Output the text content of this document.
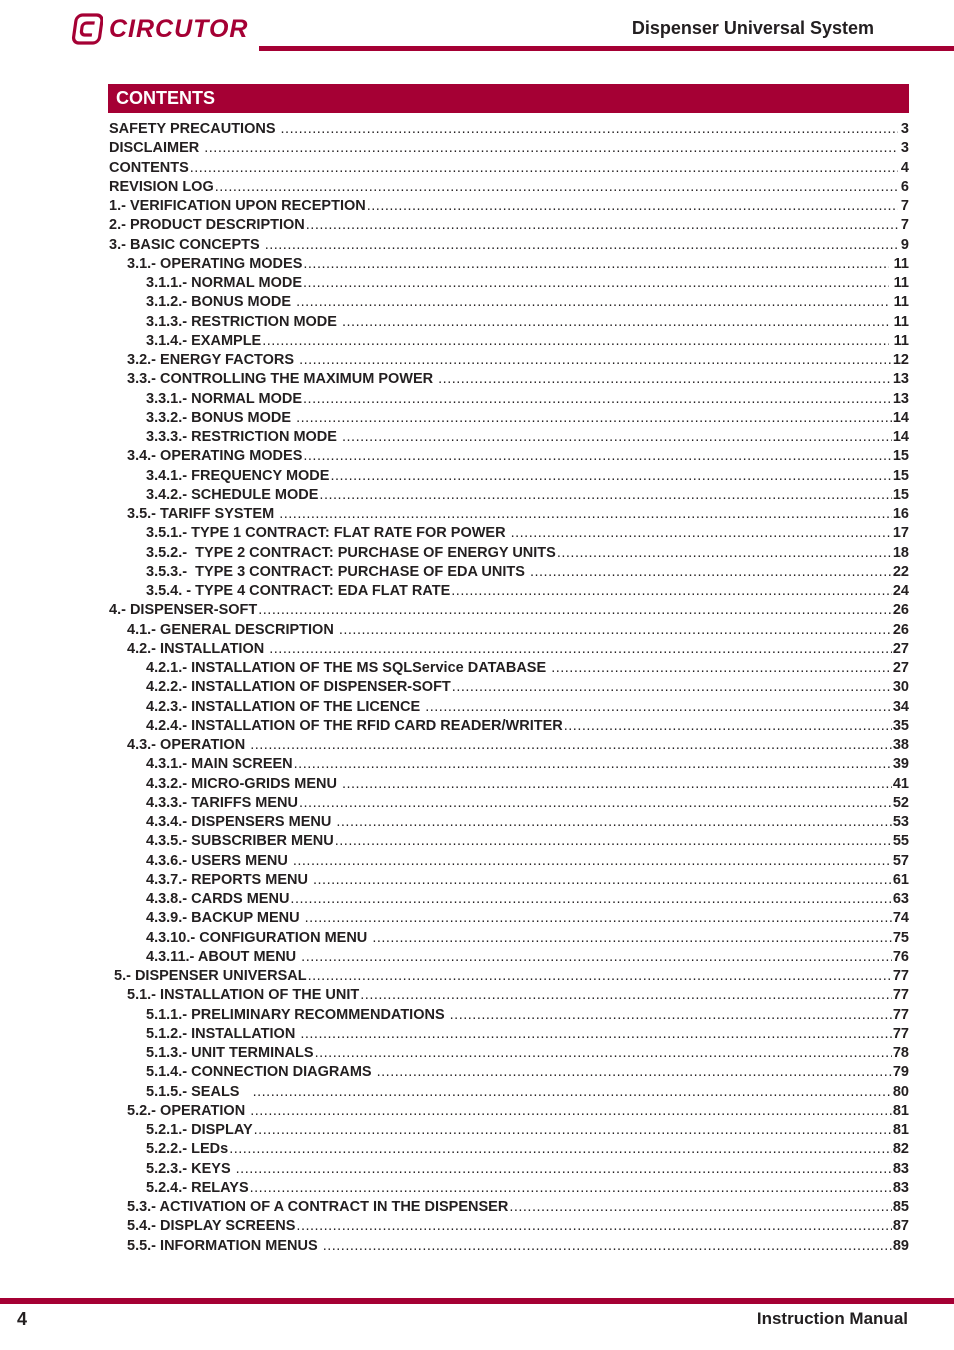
CIRCUTOR	Dispenser Universal System
CONTENTS
SAFETY PRECAUTIONS .....	3
DISCLAIMER .....	3
CONTENTS .....	4
REVISION LOG .....	6
1.- VERIFICATION UPON RECEPTION .....	7
2.- PRODUCT DESCRIPTION .....	7
3.- BASIC CONCEPTS .....	9
3.1.- OPERATING MODES .....	11
3.1.1.- NORMAL MODE .....	11
3.1.2.- BONUS MODE .....	11
3.1.3.- RESTRICTION MODE .....	11
3.1.4.- EXAMPLE .....	11
3.2.- ENERGY FACTORS .....	12
3.3.- CONTROLLING THE MAXIMUM POWER .....	13
3.3.1.- NORMAL MODE .....	13
3.3.2.- BONUS MODE .....	14
3.3.3.- RESTRICTION MODE .....	14
3.4.- OPERATING MODES .....	15
3.4.1.- FREQUENCY MODE .....	15
3.4.2.- SCHEDULE MODE .....	15
3.5.- TARIFF SYSTEM .....	16
3.5.1.- TYPE 1 CONTRACT: FLAT RATE FOR POWER .....	17
3.5.2.-  TYPE 2 CONTRACT: PURCHASE OF ENERGY UNITS .....	18
3.5.3.-  TYPE 3 CONTRACT: PURCHASE OF EDA UNITS .....	22
3.5.4. - TYPE 4 CONTRACT: EDA FLAT RATE .....	24
4.- DISPENSER-SOFT .....	26
4.1.- GENERAL DESCRIPTION .....	26
4.2.- INSTALLATION .....	27
4.2.1.- INSTALLATION OF THE MS SQLService DATABASE .....	27
4.2.2.- INSTALLATION OF DISPENSER-SOFT .....	30
4.2.3.- INSTALLATION OF THE LICENCE .....	34
4.2.4.- INSTALLATION OF THE RFID CARD READER/WRITER .....	35
4.3.- OPERATION .....	38
4.3.1.- MAIN SCREEN .....	39
4.3.2.- MICRO-GRIDS MENU .....	41
4.3.3.- TARIFFS MENU .....	52
4.3.4.- DISPENSERS MENU .....	53
4.3.5.- SUBSCRIBER MENU .....	55
4.3.6.- USERS MENU .....	57
4.3.7.- REPORTS MENU .....	61
4.3.8.- CARDS MENU .....	63
4.3.9.- BACKUP MENU .....	74
4.3.10.- CONFIGURATION MENU .....	75
4.3.11.- ABOUT MENU .....	76
5.- DISPENSER UNIVERSAL .....	77
5.1.- INSTALLATION OF THE UNIT .....	77
5.1.1.- PRELIMINARY RECOMMENDATIONS .....	77
5.1.2.- INSTALLATION .....	77
5.1.3.- UNIT TERMINALS .....	78
5.1.4.- CONNECTION DIAGRAMS .....	79
5.1.5.- SEALS .....	80
5.2.- OPERATION .....	81
5.2.1.- DISPLAY .....	81
5.2.2.- LEDs .....	82
5.2.3.- KEYS .....	83
5.2.4.- RELAYS .....	83
5.3.- ACTIVATION OF A CONTRACT IN THE DISPENSER .....	85
5.4.- DISPLAY SCREENS .....	87
5.5.- INFORMATION MENUS .....	89
4	Instruction Manual
